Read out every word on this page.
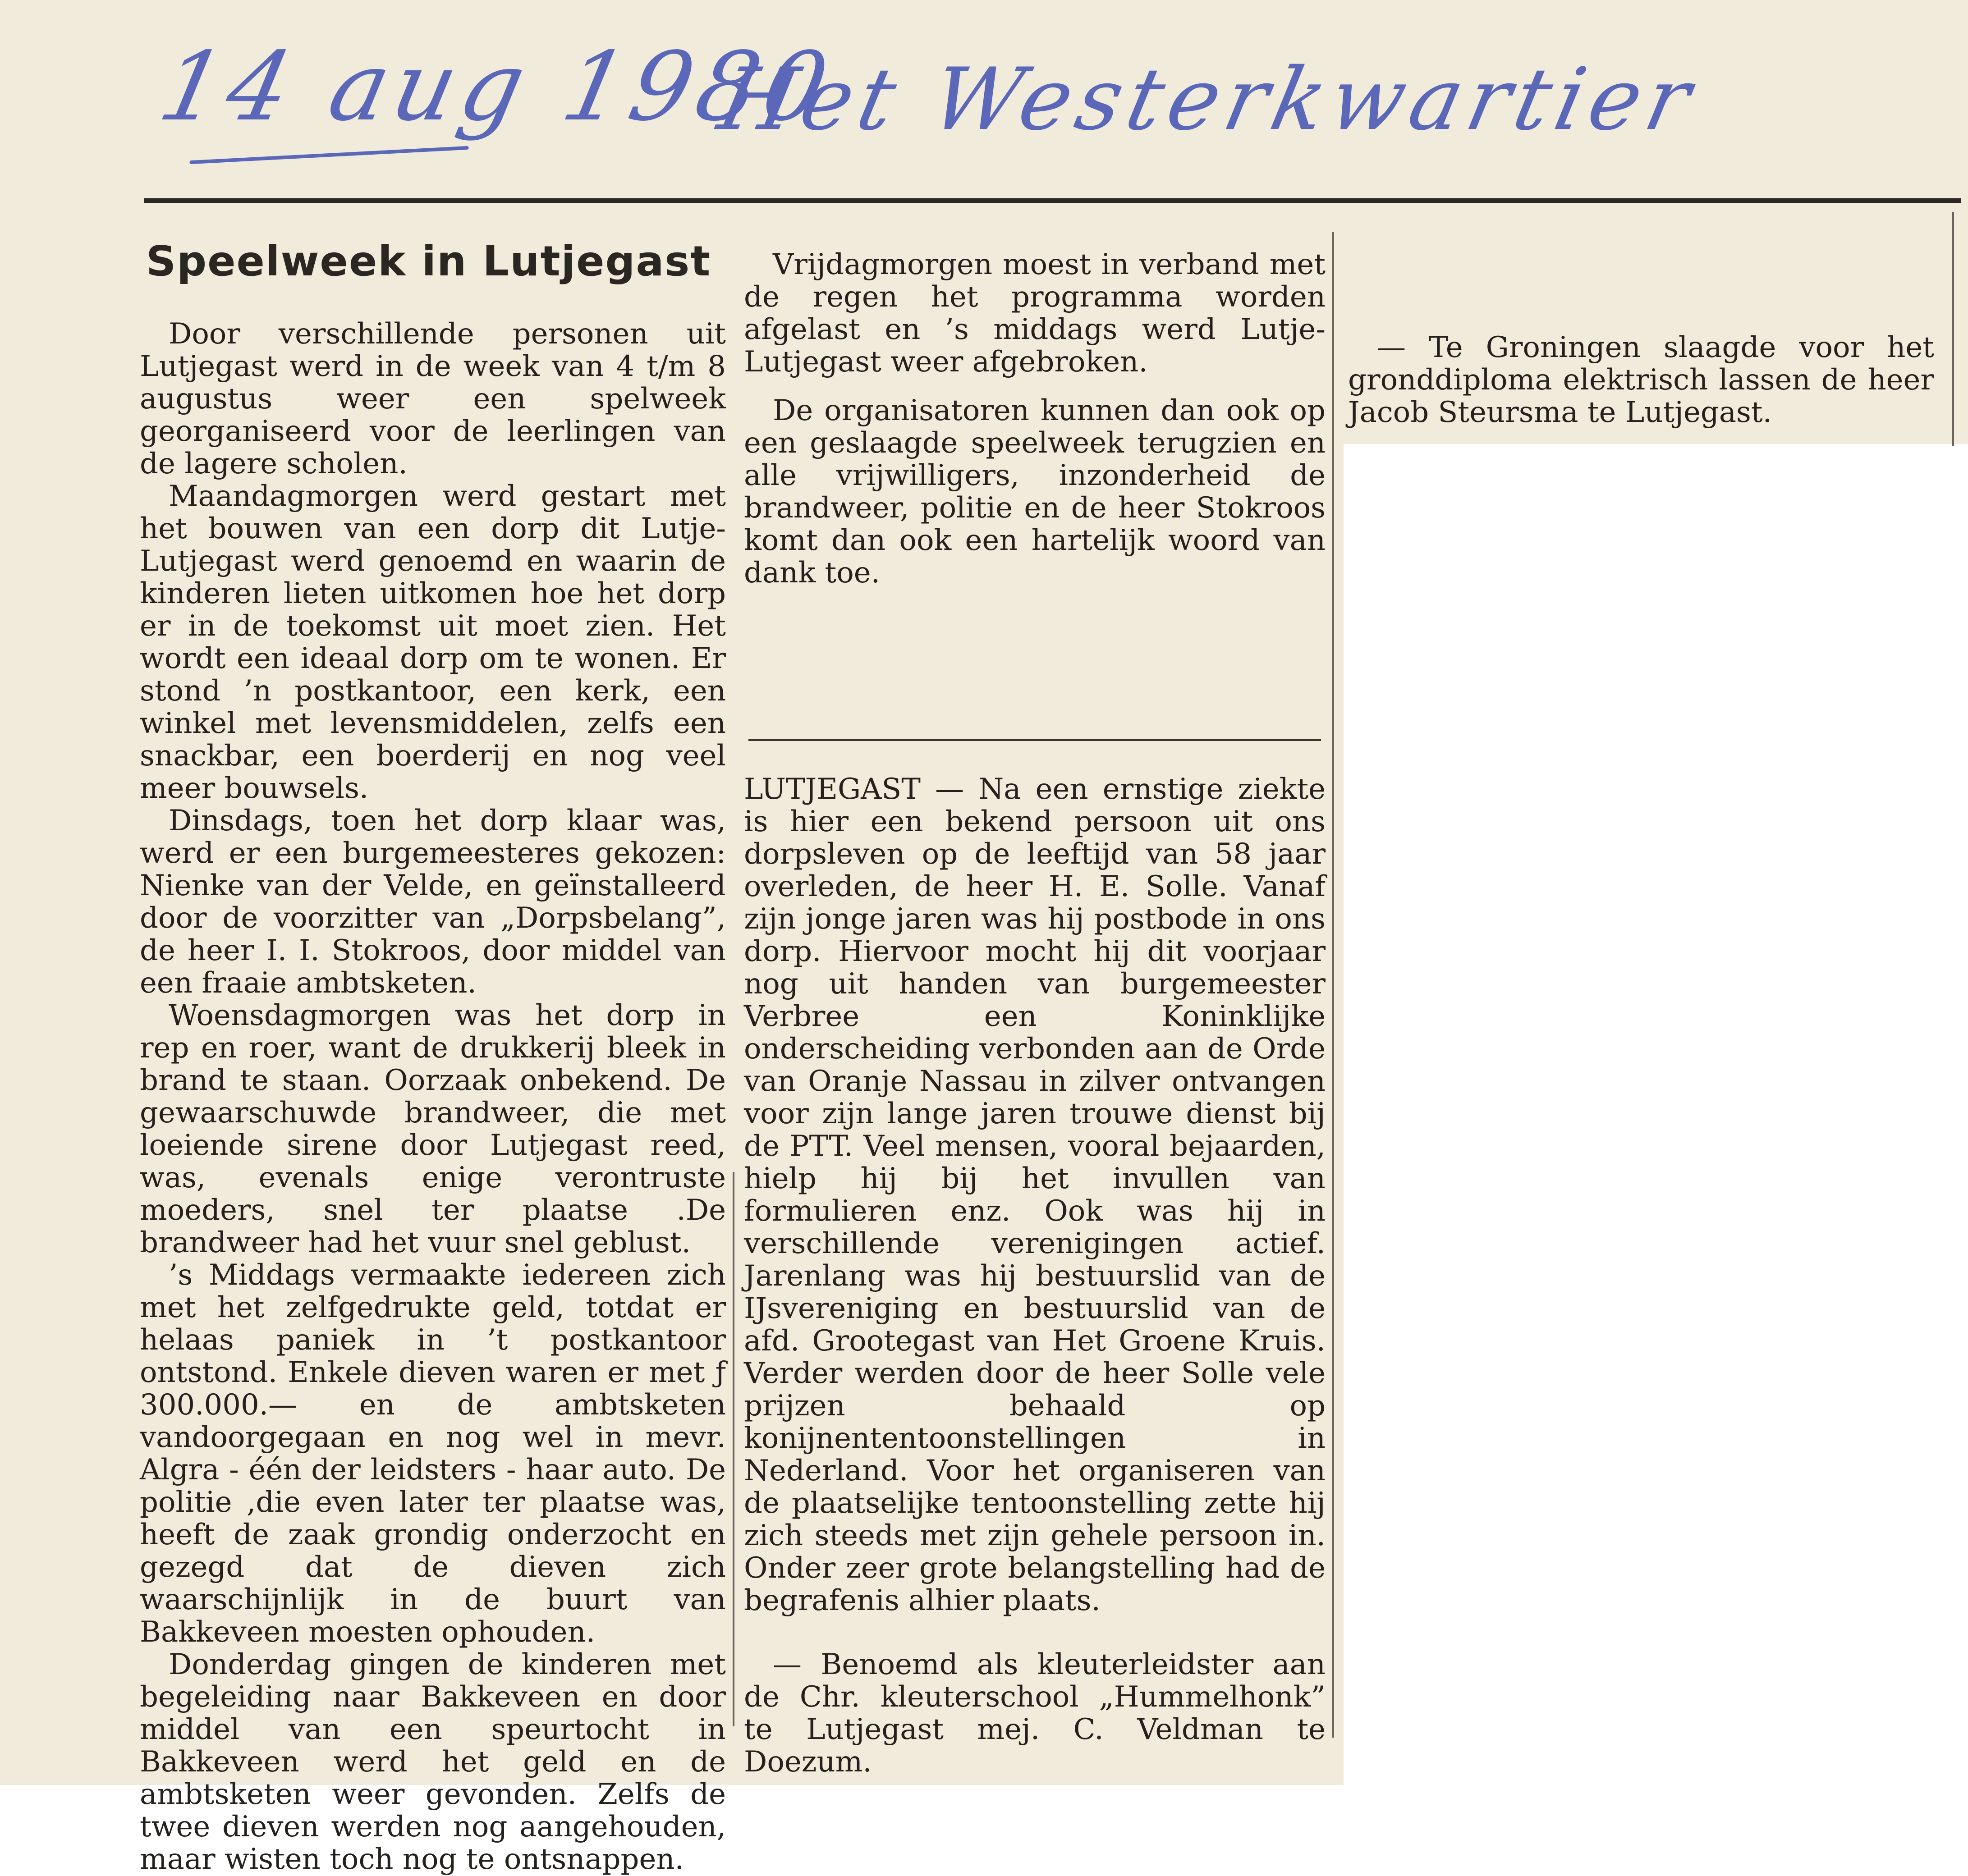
14 aug 1980
Het Westerkwartier
Speelweek in Lutjegast

Door verschillende personen uit Lutjegast werd in de week van 4 t/m 8 augustus weer een spelweek georganiseerd voor de leerlingen van de lagere scholen.

Maandagmorgen werd gestart met het bouwen van een dorp dit Lutje-Lutjegast werd genoemd en waarin de kinderen lieten uitkomen hoe het dorp er in de toekomst uit moet zien. Het wordt een ideaal dorp om te wonen. Er stond ’n postkantoor, een kerk, een winkel met levensmiddelen, zelfs een snackbar, een boerderij en nog veel meer bouwsels.

Dinsdags, toen het dorp klaar was, werd er een burgemeesteres gekozen: Nienke van der Velde, en geïnstalleerd door de voorzitter van „Dorpsbelang”, de heer I. I. Stokroos, door middel van een fraaie ambtsketen.

Woensdagmorgen was het dorp in rep en roer, want de drukkerij bleek in brand te staan. Oorzaak onbekend. De gewaarschuwde brandweer, die met loeiende sirene door Lutjegast reed, was, evenals enige verontruste moeders, snel ter plaatse .De brandweer had het vuur snel geblust.

’s Middags vermaakte iedereen zich met het zelfgedrukte geld, totdat er helaas paniek in ’t postkantoor ontstond. Enkele dieven waren er met ƒ 300.000.— en de ambtsketen vandoorgegaan en nog wel in mevr. Algra - één der leidsters - haar auto. De politie ,die even later ter plaatse was, heeft de zaak grondig onderzocht en gezegd dat de dieven zich waarschijnlijk in de buurt van Bakkeveen moesten ophouden.

Donderdag gingen de kinderen met begeleiding naar Bakkeveen en door middel van een speurtocht in Bakkeveen werd het geld en de ambtsketen weer gevonden. Zelfs de twee dieven werden nog aangehouden, maar wisten toch nog te ontsnappen.

Vrijdagmorgen moest in verband met de regen het programma worden afgelast en ’s middags werd Lutje-Lutjegast weer afgebroken.

De organisatoren kunnen dan ook op een geslaagde speelweek terugzien en alle vrijwilligers, inzonderheid de brandweer, politie en de heer Stokroos komt dan ook een hartelijk woord van dank toe.

LUTJEGAST — Na een ernstige ziekte is hier een bekend persoon uit ons dorpsleven op de leeftijd van 58 jaar overleden, de heer H. E. Solle. Vanaf zijn jonge jaren was hij postbode in ons dorp. Hiervoor mocht hij dit voorjaar nog uit handen van burgemeester Verbree een Koninklijke onderscheiding verbonden aan de Orde van Oranje Nassau in zilver ontvangen voor zijn lange jaren trouwe dienst bij de PTT. Veel mensen, vooral bejaarden, hielp hij bij het invullen van formulieren enz. Ook was hij in verschillende verenigingen actief. Jarenlang was hij bestuurslid van de IJsvereniging en bestuurslid van de afd. Grootegast van Het Groene Kruis. Verder werden door de heer Solle vele prijzen behaald op konijnententoonstellingen in Nederland. Voor het organiseren van de plaatselijke tentoonstelling zette hij zich steeds met zijn gehele persoon in. Onder zeer grote belangstelling had de begrafenis alhier plaats.

— Benoemd als kleuterleidster aan de Chr. kleuterschool „Hummelhonk” te Lutjegast mej. C. Veldman te Doezum.

— Te Groningen slaagde voor het gronddiploma elektrisch lassen de heer Jacob Steursma te Lutjegast.
